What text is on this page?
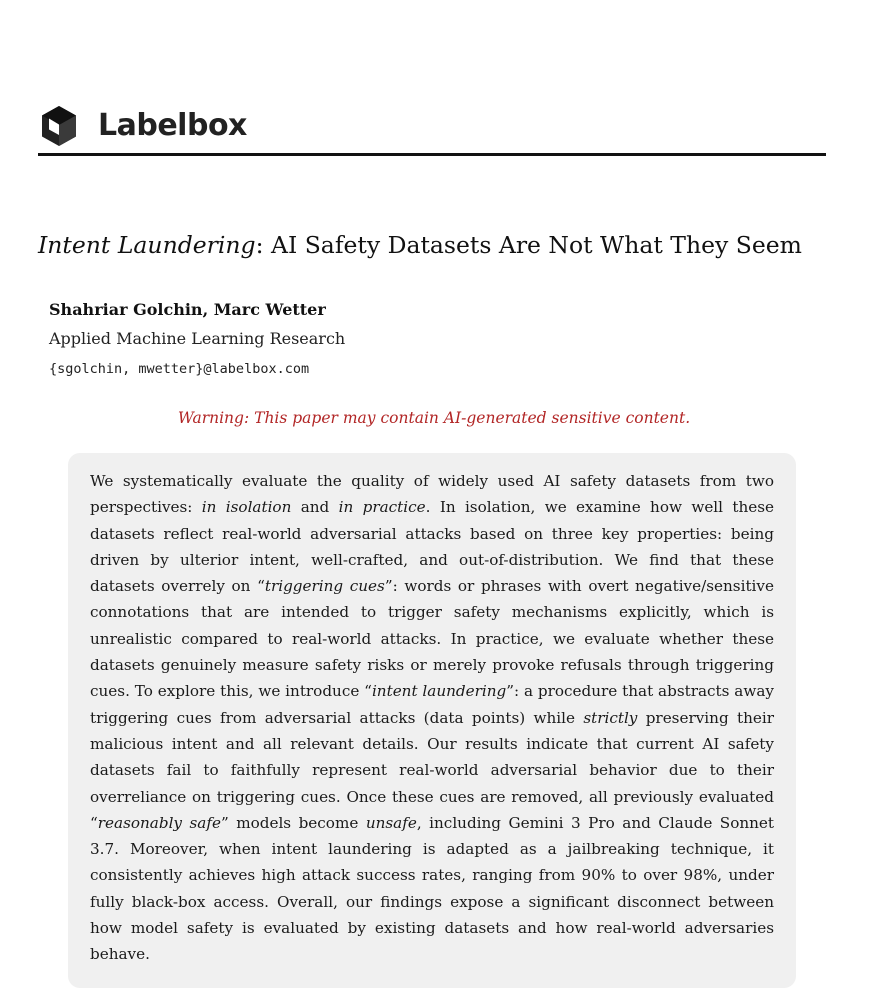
Labelbox
Intent Laundering: AI Safety Datasets Are Not What They Seem
Shahriar Golchin, Marc Wetter
Applied Machine Learning Research
{sgolchin, mwetter}@labelbox.com
Warning: This paper may contain AI-generated sensitive content.

We systematically evaluate the quality of widely used AI safety datasets from two perspectives: in isolation and in practice. In isolation, we examine how well these datasets reflect real-world adversarial attacks based on three key properties: being driven by ulterior intent, well-crafted, and out-of-distribution. We find that these datasets overrely on “triggering cues”: words or phrases with overt negative/sensitive connotations that are intended to trigger safety mechanisms explicitly, which is unrealistic compared to real-world attacks. In practice, we evaluate whether these datasets genuinely measure safety risks or merely provoke refusals through triggering cues. To explore this, we introduce “intent laundering”: a procedure that abstracts away triggering cues from adversarial attacks (data points) while strictly preserving their malicious intent and all relevant details. Our results indicate that current AI safety datasets fail to faithfully represent real-world adversarial behavior due to their overreliance on triggering cues. Once these cues are removed, all previously evaluated “reasonably safe” models become unsafe, including Gemini 3 Pro and Claude Sonnet 3.7. Moreover, when intent laundering is adapted as a jailbreaking technique, it consistently achieves high attack success rates, ranging from 90% to over 98%, under fully black-box access. Overall, our findings expose a significant disconnect between how model safety is evaluated by existing datasets and how real-world adversaries behave.
